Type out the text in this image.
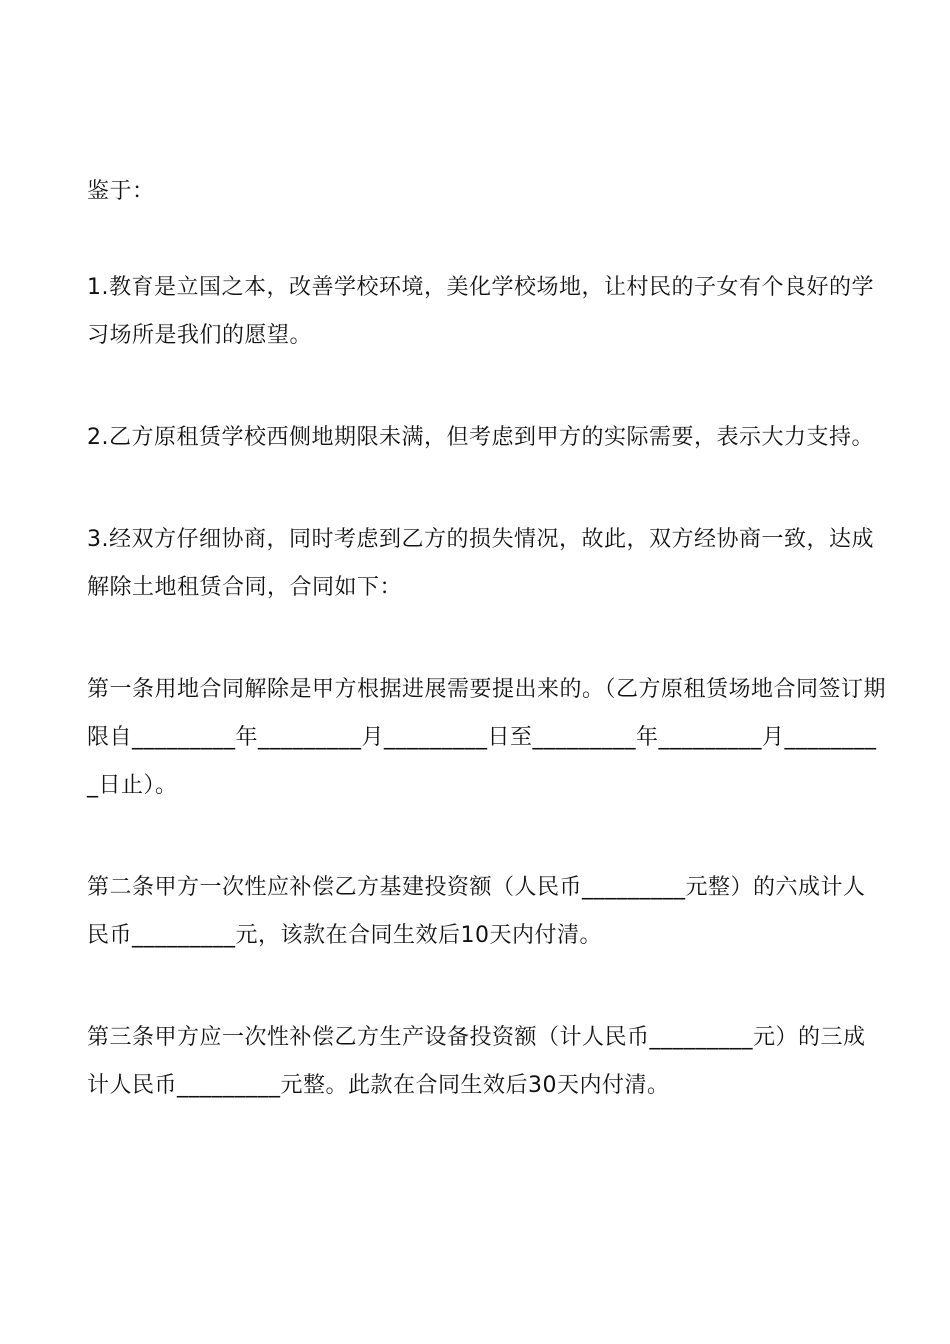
鉴于：

1.教育是立国之本，改善学校环境，美化学校场地，让村民的子女有个良好的学习场所是我们的愿望。

2.乙方原租赁学校西侧地期限未满，但考虑到甲方的实际需要，表示大力支持。

3.经双方仔细协商，同时考虑到乙方的损失情况，故此，双方经协商一致，达成解除土地租赁合同，合同如下：

第一条用地合同解除是甲方根据进展需要提出来的。（乙方原租赁场地合同签订期限自_________年_________月_________日至_________年_________月_________日止）。

第二条甲方一次性应补偿乙方基建投资额（人民币_________元整）的六成计人民币_________元，该款在合同生效后10天内付清。

第三条甲方应一次性补偿乙方生产设备投资额（计人民币_________元）的三成计人民币_________元整。此款在合同生效后30天内付清。
